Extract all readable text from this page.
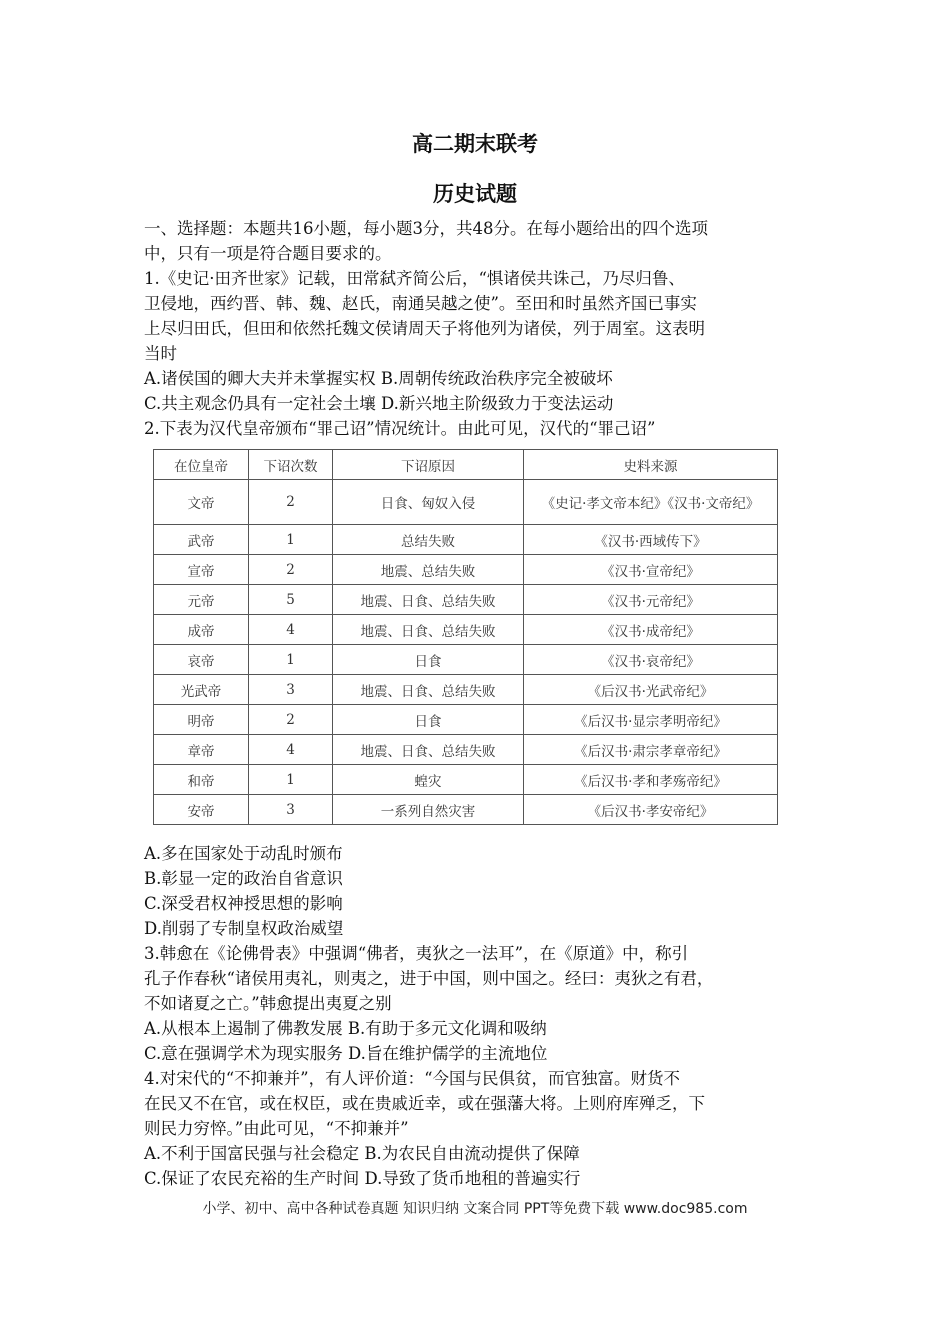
高二期末联考
历史试题

一、选择题：本题共16小题，每小题3分，共48分。在每小题给出的四个选项

中，只有一项是符合题目要求的。

1.《史记·田齐世家》记载，田常弑齐简公后，“惧诸侯共诛己，乃尽归鲁、

卫侵地，西约晋、韩、魏、赵氏，南通吴越之使”。至田和时虽然齐国已事实

上尽归田氏，但田和依然托魏文侯请周天子将他列为诸侯，列于周室。这表明

当时

A.诸侯国的卿大夫并未掌握实权 B.周朝传统政治秩序完全被破坏

C.共主观念仍具有一定社会土壤 D.新兴地主阶级致力于变法运动

2.下表为汉代皇帝颁布“罪己诏”情况统计。由此可见，汉代的“罪己诏”

在位皇帝	下诏次数	下诏原因	史料来源
文帝	2	日食、匈奴入侵	《史记·孝文帝本纪》《汉书·文帝纪》
武帝	1	总结失败	《汉书·西域传下》
宣帝	2	地震、总结失败	《汉书·宣帝纪》
元帝	5	地震、日食、总结失败	《汉书·元帝纪》
成帝	4	地震、日食、总结失败	《汉书·成帝纪》
哀帝	1	日食	《汉书·哀帝纪》
光武帝	3	地震、日食、总结失败	《后汉书·光武帝纪》
明帝	2	日食	《后汉书·显宗孝明帝纪》
章帝	4	地震、日食、总结失败	《后汉书·肃宗孝章帝纪》
和帝	1	蝗灾	《后汉书·孝和孝殇帝纪》
安帝	3	一系列自然灾害	《后汉书·孝安帝纪》

A.多在国家处于动乱时颁布

B.彰显一定的政治自省意识

C.深受君权神授思想的影响

D.削弱了专制皇权政治威望

3.韩愈在《论佛骨表》中强调“佛者，夷狄之一法耳”，在《原道》中，称引

孔子作春秋“诸侯用夷礼，则夷之，进于中国，则中国之。经曰：夷狄之有君，

不如诸夏之亡。”韩愈提出夷夏之别

A.从根本上遏制了佛教发展 B.有助于多元文化调和吸纳

C.意在强调学术为现实服务 D.旨在维护儒学的主流地位

4.对宋代的“不抑兼并”，有人评价道：“今国与民俱贫，而官独富。财货不

在民又不在官，或在权臣，或在贵戚近幸，或在强藩大将。上则府库殚乏，下

则民力穷悴。”由此可见，“不抑兼并”

A.不利于国富民强与社会稳定 B.为农民自由流动提供了保障

C.保证了农民充裕的生产时间 D.导致了货币地租的普遍实行

小学、初中、高中各种试卷真题 知识归纳 文案合同 PPT等免费下载 www.doc985.com
